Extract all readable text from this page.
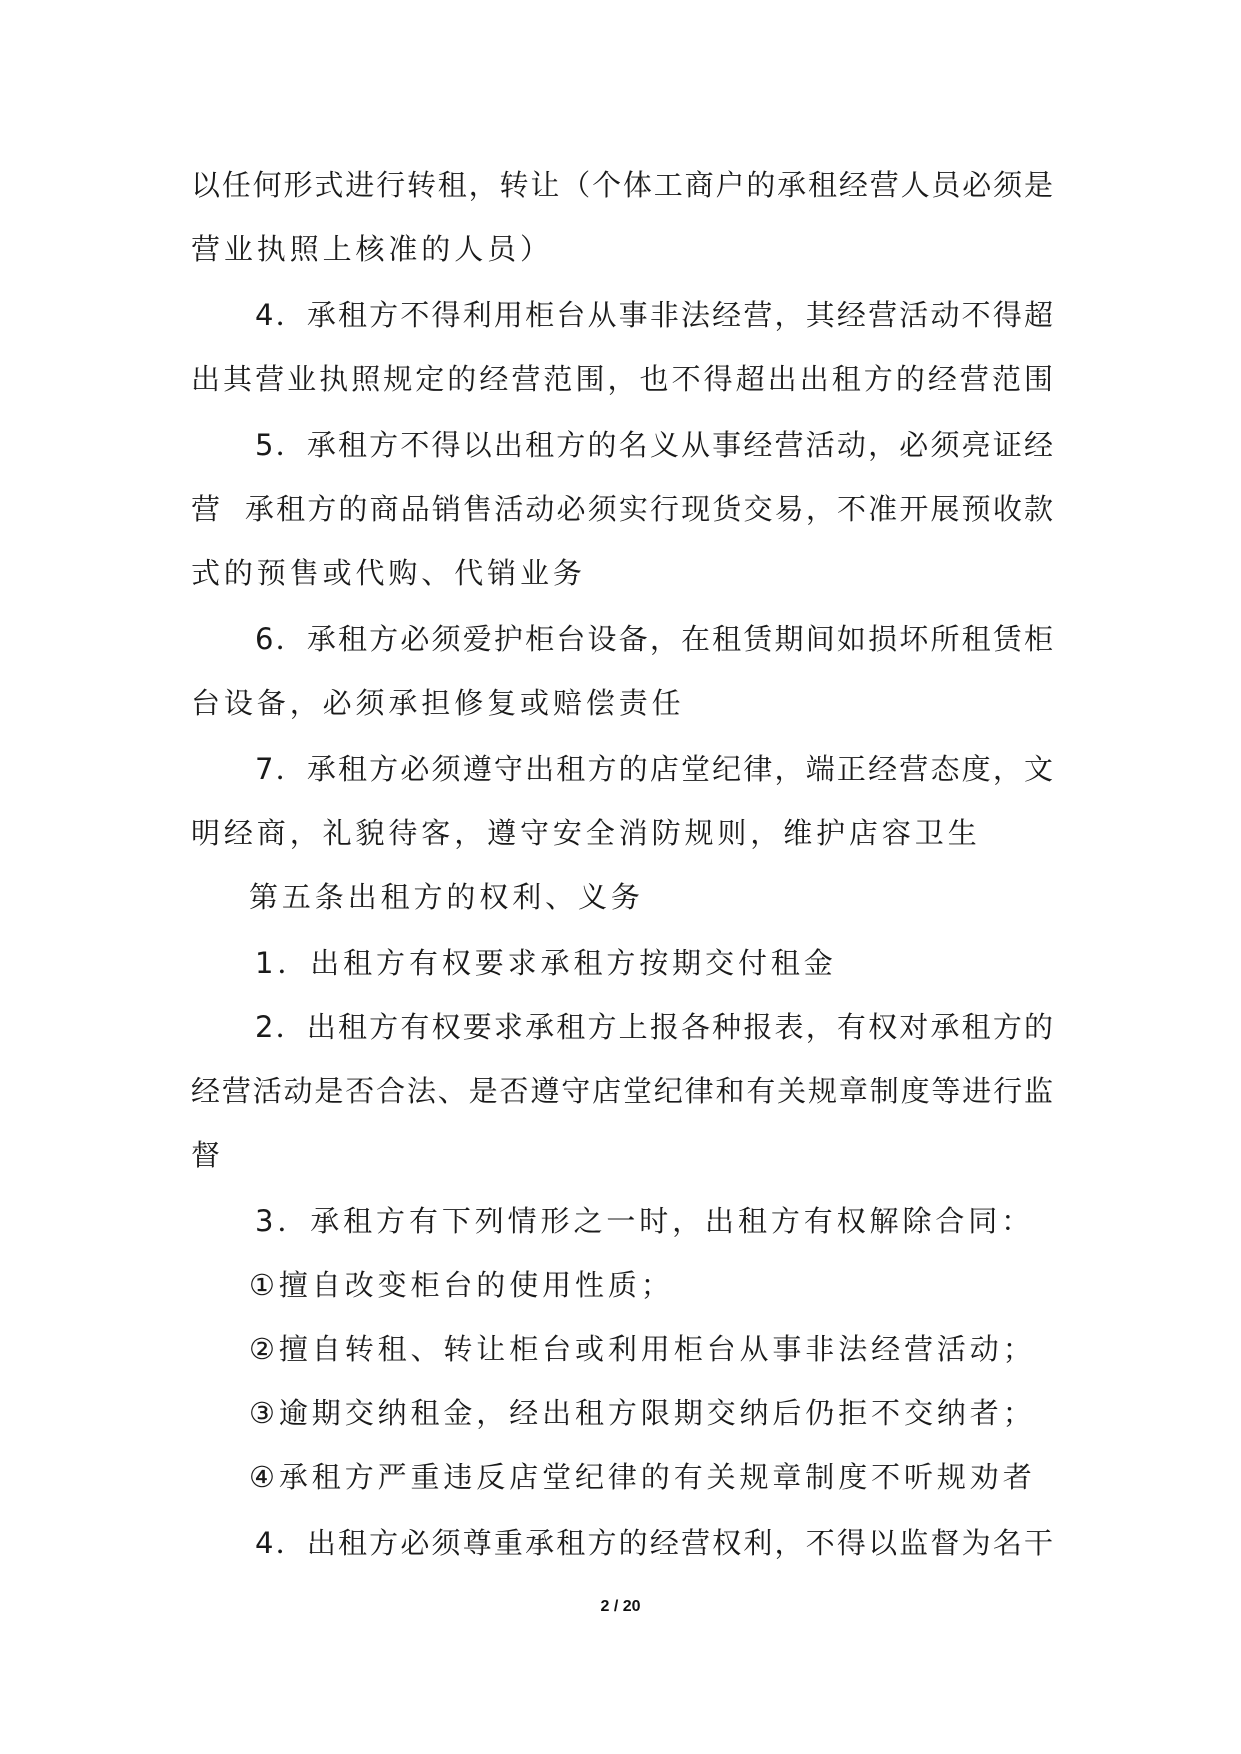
以任何形式进行转租，转让（个体工商户的承租经营人员必须是
营业执照上核准的人员）
4．承租方不得利用柜台从事非法经营，其经营活动不得超
出其营业执照规定的经营范围，也不得超出出租方的经营范围
5．承租方不得以出租方的名义从事经营活动，必须亮证经
营  承租方的商品销售活动必须实行现货交易，不准开展预收款
式的预售或代购、代销业务
6．承租方必须爱护柜台设备，在租赁期间如损坏所租赁柜
台设备，必须承担修复或赔偿责任
7．承租方必须遵守出租方的店堂纪律，端正经营态度，文
明经商，礼貌待客，遵守安全消防规则，维护店容卫生
第五条出租方的权利、义务
1．出租方有权要求承租方按期交付租金
2．出租方有权要求承租方上报各种报表，有权对承租方的
经营活动是否合法、是否遵守店堂纪律和有关规章制度等进行监
督
3．承租方有下列情形之一时，出租方有权解除合同：
①擅自改变柜台的使用性质；
②擅自转租、转让柜台或利用柜台从事非法经营活动；
③逾期交纳租金，经出租方限期交纳后仍拒不交纳者；
④承租方严重违反店堂纪律的有关规章制度不听规劝者
4．出租方必须尊重承租方的经营权利，不得以监督为名干
2 / 20
